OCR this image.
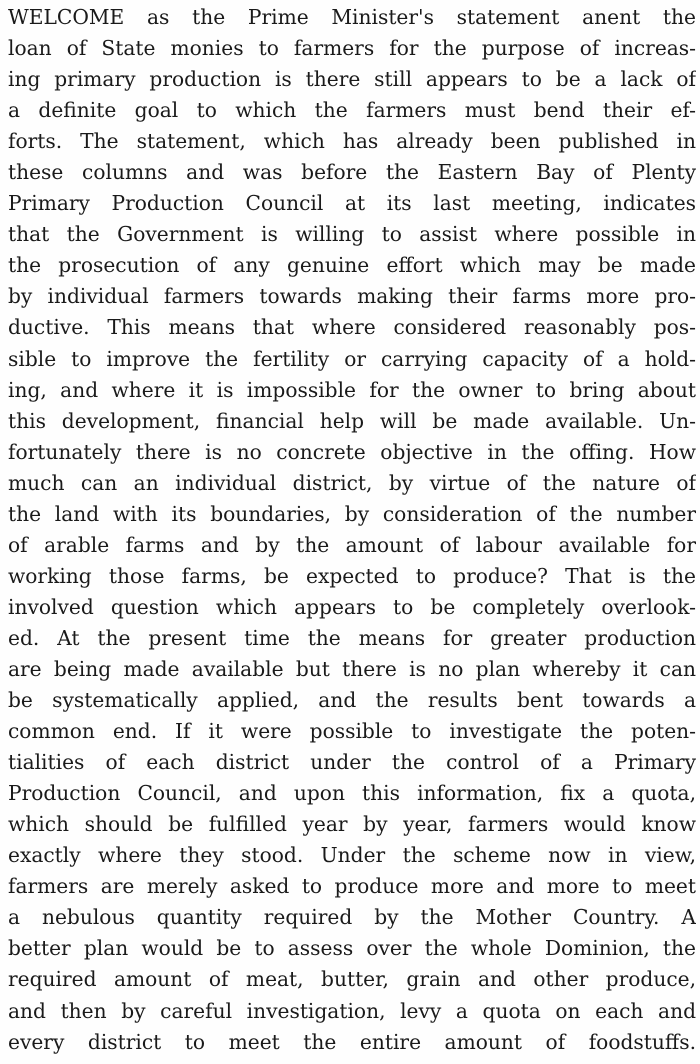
WELCOME as the Prime Minister's statement anent the
loan of State monies to farmers for the purpose of increas-
ing primary production is there still appears to be a lack of
a definite goal to which the farmers must bend their ef-
forts. The statement, which has already been published in
these columns and was before the Eastern Bay of Plenty
Primary Production Council at its last meeting, indicates
that the Government is willing to assist where possible in
the prosecution of any genuine effort which may be made
by individual farmers towards making their farms more pro-
ductive. This means that where considered reasonably pos-
sible to improve the fertility or carrying capacity of a hold-
ing, and where it is impossible for the owner to bring about
this development, financial help will be made available. Un-
fortunately there is no concrete objective in the offing. How
much can an individual district, by virtue of the nature of
the land with its boundaries, by consideration of the number
of arable farms and by the amount of labour available for
working those farms, be expected to produce? That is the
involved question which appears to be completely overlook-
ed. At the present time the means for greater production
are being made available but there is no plan whereby it can
be systematically applied, and the results bent towards a
common end. If it were possible to investigate the poten-
tialities of each district under the control of a Primary
Production Council, and upon this information, fix a quota,
which should be fulfilled year by year, farmers would know
exactly where they stood. Under the scheme now in view,
farmers are merely asked to produce more and more to meet
a nebulous quantity required by the Mother Country. A
better plan would be to assess over the whole Dominion, the
required amount of meat, butter, grain and other produce,
and then by careful investigation, levy a quota on each and
every district to meet the entire amount of foodstuffs.
